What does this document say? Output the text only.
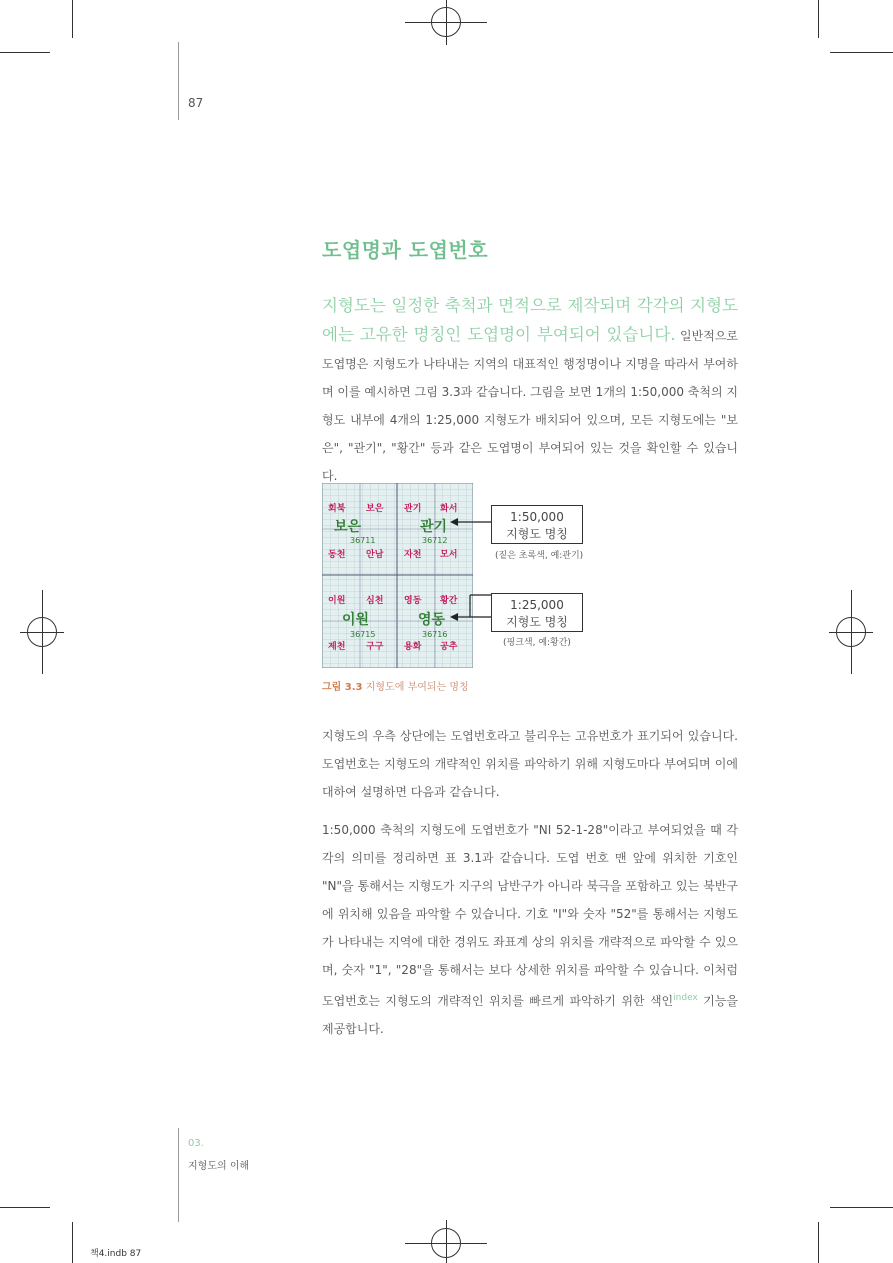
87
도엽명과 도엽번호
지형도는 일정한 축척과 면적으로 제작되며 각각의 지형도에는 고유한 명칭인 도엽명이 부여되어 있습니다. 일반적으로 도엽명은 지형도가 나타내는 지역의 대표적인 행정명이나 지명을 따라서 부여하며 이를 예시하면 그림 3.3과 같습니다. 그림을 보면 1개의 1:50,000 축척의 지형도 내부에 4개의 1:25,000 지형도가 배치되어 있으며, 모든 지형도에는 "보은", "관기", "황간" 등과 같은 도엽명이 부여되어 있는 것을 확인할 수 있습니다.
회북 보은 관기 화서
동천 안남 자천 모서
이원 심천 영동 황간
제천 구구 용화 공추
보은	관기
이원	영동
36711	36712
36715	36716
1:50,000
지형도 명칭
(짙은 초록색, 예:관기)
1:25,000
지형도 명칭
(핑크색, 예:황간)
그림 3.3 지형도에 부여되는 명칭
지형도의 우측 상단에는 도엽번호라고 불리우는 고유번호가 표기되어 있습니다. 도엽번호는 지형도의 개략적인 위치를 파악하기 위해 지형도마다 부여되며 이에 대하여 설명하면 다음과 같습니다.
1:50,000 축척의 지형도에 도엽번호가 "NI 52-1-28"이라고 부여되었을 때 각각의 의미를 정리하면 표 3.1과 같습니다. 도엽 번호 맨 앞에 위치한 기호인 "N"을 통해서는 지형도가 지구의 남반구가 아니라 북극을 포함하고 있는 북반구에 위치해 있음을 파악할 수 있습니다. 기호 "I"와 숫자 "52"를 통해서는 지형도가 나타내는 지역에 대한 경위도 좌표계 상의 위치를 개략적으로 파악할 수 있으며, 숫자 "1", "28"을 통해서는 보다 상세한 위치를 파악할 수 있습니다. 이처럼 도엽번호는 지형도의 개략적인 위치를 빠르게 파악하기 위한 색인$^{index}$ 기능을 제공합니다.
03.
지형도의 이해
책4.indb 87
